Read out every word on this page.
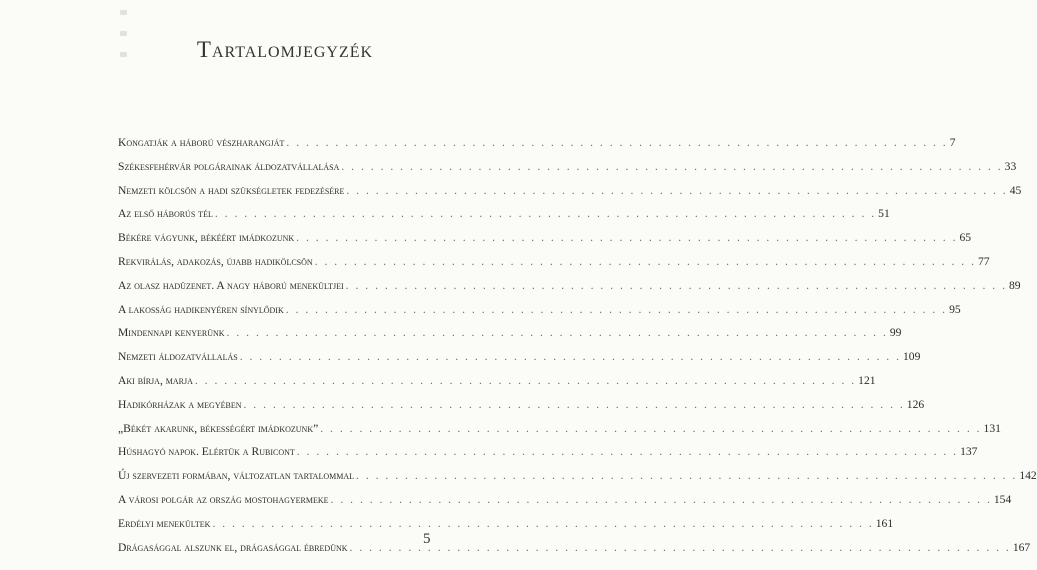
Tartalomjegyzék
Kongatják a háború vészharangját . . .	7
Székesfehérvár polgárainak áldozatvállalása . . .	33
Nemzeti kölcsön a hadi szükségletek fedezésére . . .	45
Az első háborús tél . . .	51
Békére vágyunk, békéért imádkozunk . . .	65
Rekvirálás, adakozás, újabb hadikölcsön . . .	77
Az olasz hadüzenet. A nagy háború menekültjei . . .	89
A lakosság hadikenyéren sínylődik . . .	95
Mindennapi kenyerünk . . .	99
Nemzeti áldozatvállalás . . .	109
Aki bírja, marja . . .	121
Hadikórházak a megyében . . .	126
„Békét akarunk, békességért imádkozunk” . . .	131
Húshagyó napok. Elértük a Rubicont . . .	137
Új szervezeti formában, változatlan tartalommal . . .	142
A városi polgár az ország mostohagyermeke . . .	154
Erdélyi menekültek . . .	161
Drágasággal alszunk el, drágasággal ébredünk . . .	167
5
